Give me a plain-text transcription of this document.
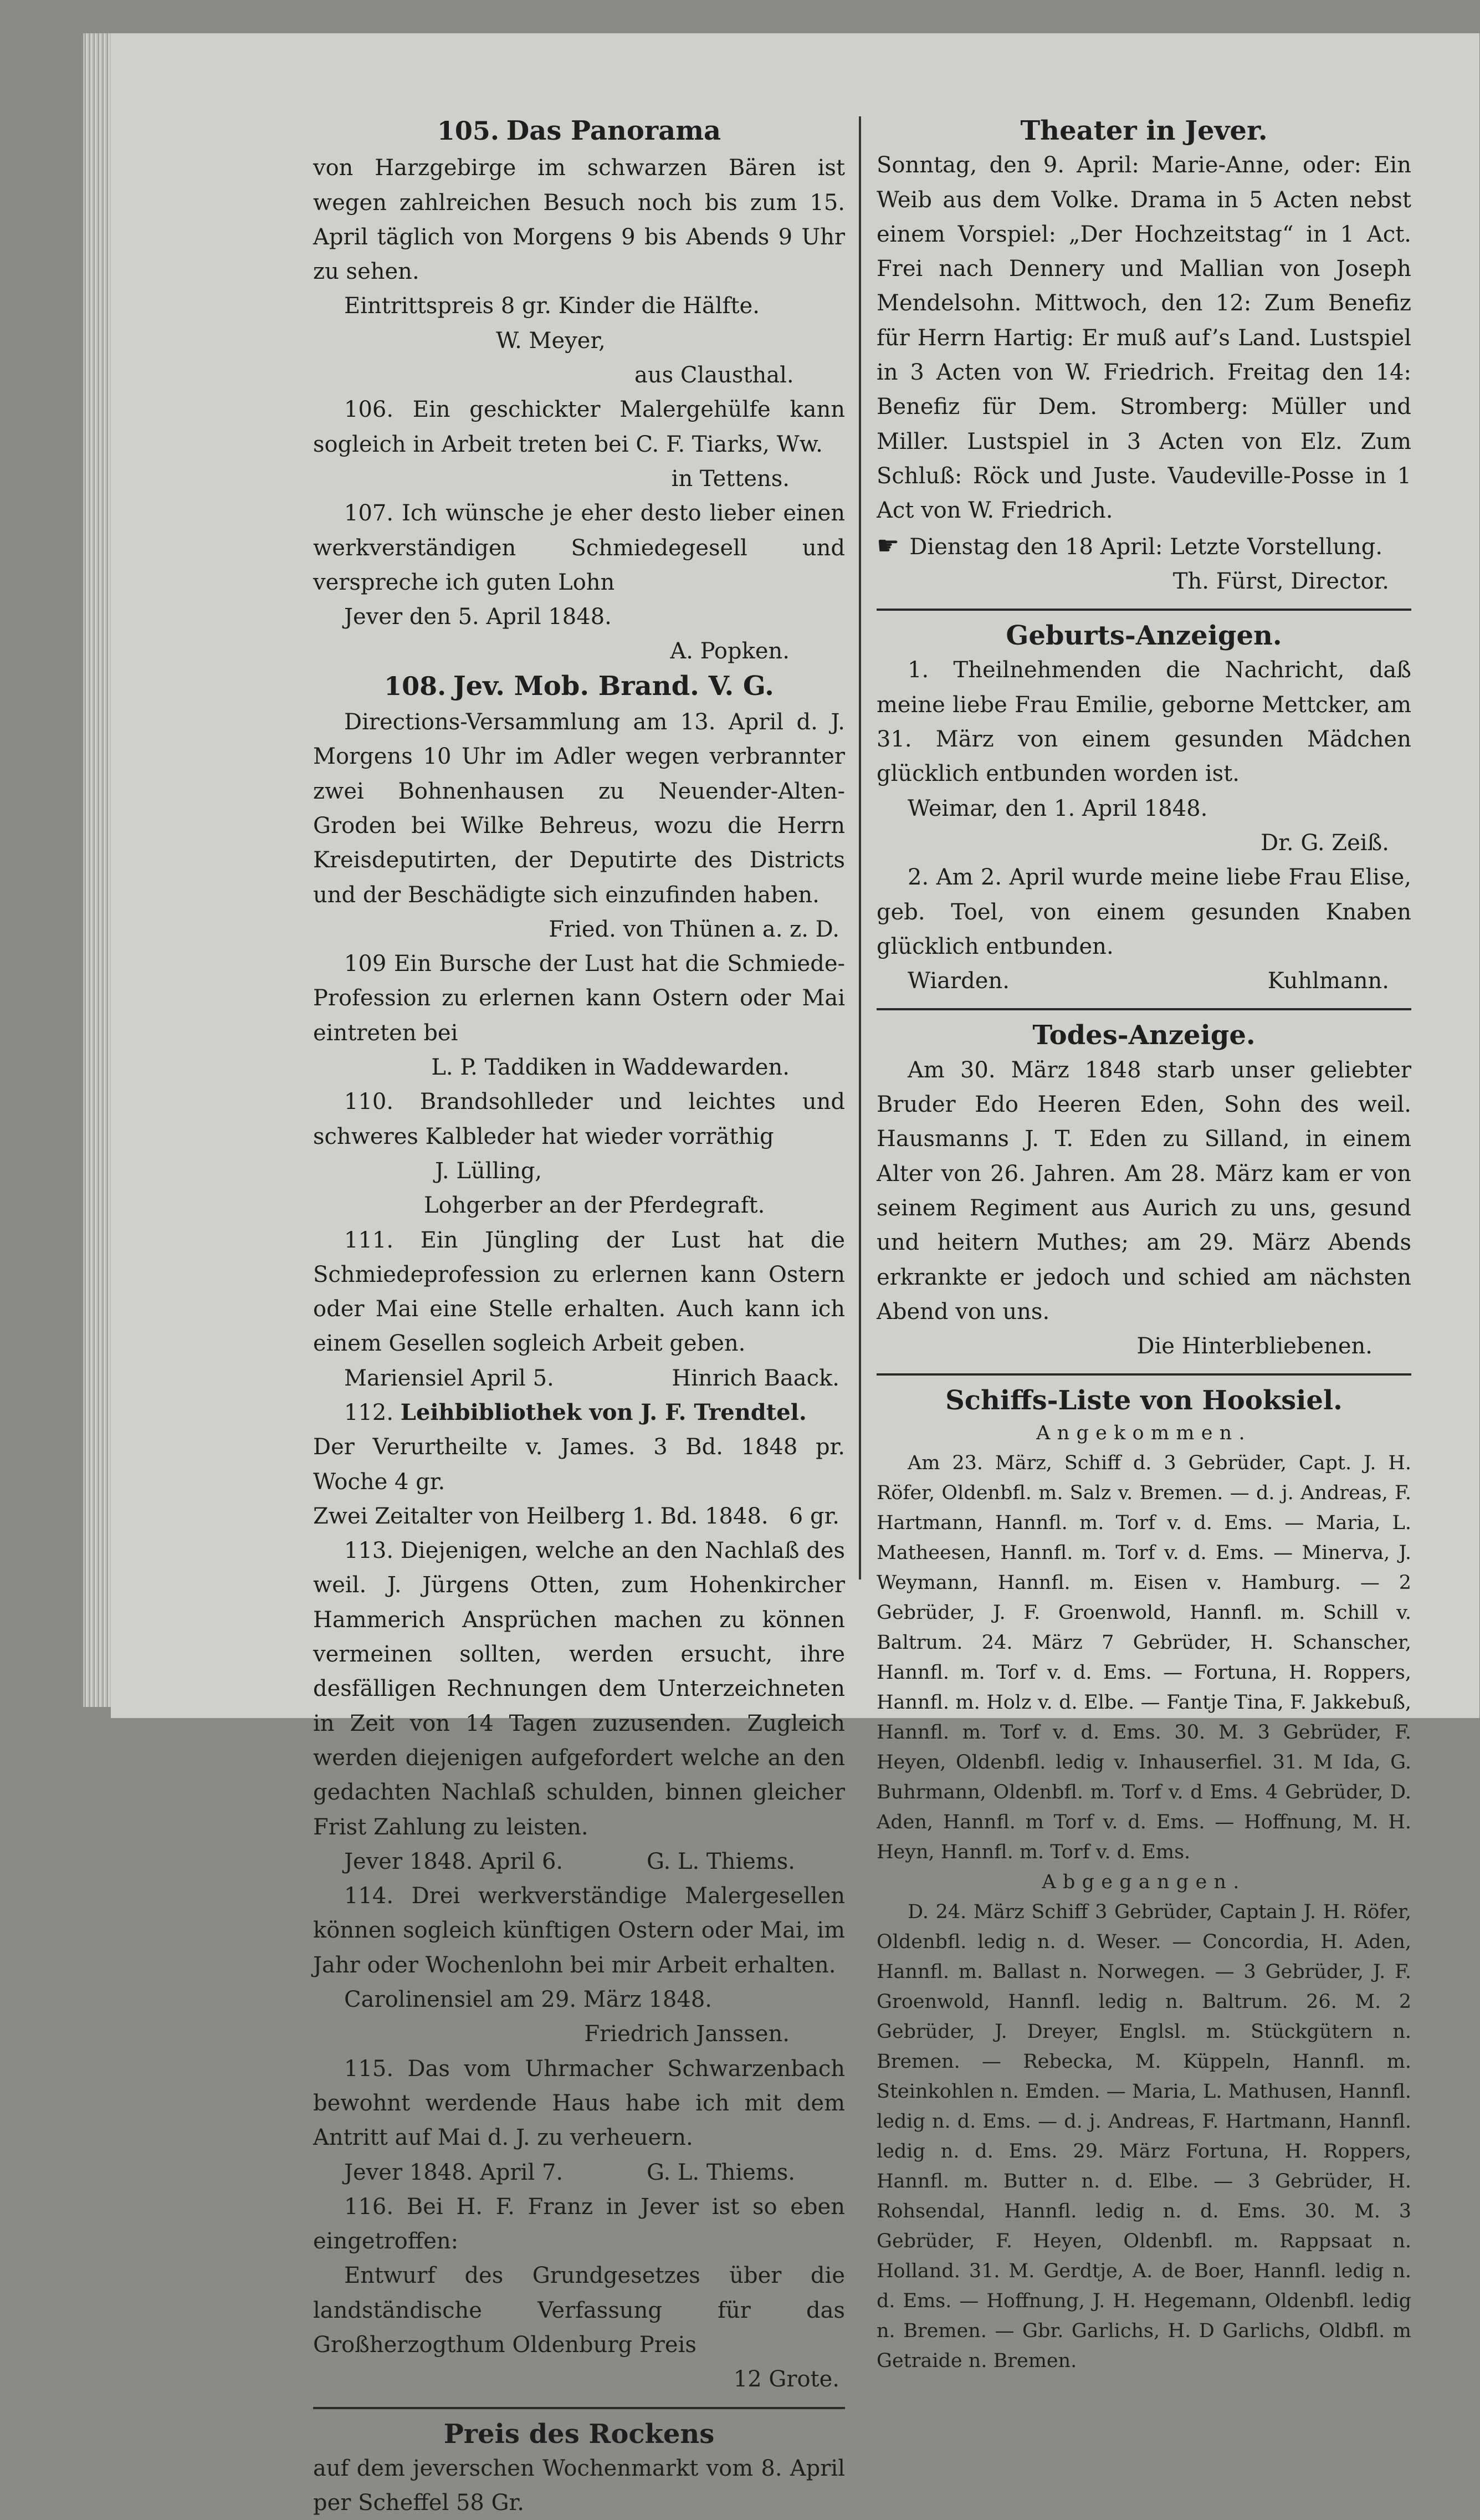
105. Das Panorama

von Harzgebirge im schwarzen Bären ist wegen zahlreichen Besuch noch bis zum 15. April täglich von Morgens 9 bis Abends 9 Uhr zu sehen.

Eintrittspreis 8 gr. Kinder die Hälfte.

W. Meyer,

aus Clausthal.

106. Ein geschickter Malergehülfe kann sogleich in Arbeit treten bei C. F. Tiarks, Ww.

in Tettens.

107. Ich wünsche je eher desto lieber einen werkverständigen Schmiedegesell und verspreche ich guten Lohn

Jever den 5. April 1848.

A. Popken.

108. Jev. Mob. Brand. V. G.

Directions-Versammlung am 13. April d. J. Morgens 10 Uhr im Adler wegen verbrannter zwei Bohnenhausen zu Neuender-Alten-Groden bei Wilke Behreus, wozu die Herrn Kreisdeputirten, der Deputirte des Districts und der Beschädigte sich einzufinden haben.

Fried. von Thünen a. z. D.

109 Ein Bursche der Lust hat die Schmiede-Profession zu erlernen kann Ostern oder Mai eintreten bei

L. P. Taddiken in Waddewarden.

110. Brandsohlleder und leichtes und schweres Kalbleder hat wieder vorräthig

J. Lülling,

Lohgerber an der Pferdegraft.

111. Ein Jüngling der Lust hat die Schmiedeprofession zu erlernen kann Ostern oder Mai eine Stelle erhalten. Auch kann ich einem Gesellen sogleich Arbeit geben.

Mariensiel April 5.	Hinrich Baack.

112. Leihbibliothek von J. F. Trendtel.

Der Verurtheilte v. James. 3 Bd. 1848 pr. Woche 4 gr.

Zwei Zeitalter von Heilberg 1. Bd. 1848. 6 gr.

113. Diejenigen, welche an den Nachlaß des weil. J. Jürgens Otten, zum Hohenkircher Hammerich Ansprüchen machen zu können vermeinen sollten, werden ersucht, ihre desfälligen Rechnungen dem Unterzeichneten in Zeit von 14 Tagen zuzusenden. Zugleich werden diejenigen aufgefordert welche an den gedachten Nachlaß schulden, binnen gleicher Frist Zahlung zu leisten.

Jever 1848. April 6.	G. L. Thiems.

114. Drei werkverständige Malergesellen können sogleich künftigen Ostern oder Mai, im Jahr oder Wochenlohn bei mir Arbeit erhalten.

Carolinensiel am 29. März 1848.

Friedrich Janssen.

115. Das vom Uhrmacher Schwarzenbach bewohnt werdende Haus habe ich mit dem Antritt auf Mai d. J. zu verheuern.

Jever 1848. April 7.	G. L. Thiems.

116. Bei H. F. Franz in Jever ist so eben eingetroffen:

Entwurf des Grundgesetzes über die landständische Verfassung für das Großherzogthum Oldenburg Preis

12 Grote.

Preis des Rockens

auf dem jeverschen Wochenmarkt vom 8. April per Scheffel 58 Gr.

Theater in Jever.

Sonntag, den 9. April: Marie-Anne, oder: Ein Weib aus dem Volke. Drama in 5 Acten nebst einem Vorspiel: „Der Hochzeitstag“ in 1 Act. Frei nach Dennery und Mallian von Joseph Mendelsohn. Mittwoch, den 12: Zum Benefiz für Herrn Hartig: Er muß auf’s Land. Lustspiel in 3 Acten von W. Friedrich. Freitag den 14: Benefiz für Dem. Stromberg: Müller und Miller. Lustspiel in 3 Acten von Elz. Zum Schluß: Röck und Juste. Vaudeville-Posse in 1 Act von W. Friedrich.

☛ Dienstag den 18 April: Letzte Vorstellung.

Th. Fürst, Director.

Geburts-Anzeigen.

1. Theilnehmenden die Nachricht, daß meine liebe Frau Emilie, geborne Mettcker, am 31. März von einem gesunden Mädchen glücklich entbunden worden ist.

Weimar, den 1. April 1848.

Dr. G. Zeiß.

2. Am 2. April wurde meine liebe Frau Elise, geb. Toel, von einem gesunden Knaben glücklich entbunden.

Wiarden.	Kuhlmann.

Todes-Anzeige.

Am 30. März 1848 starb unser geliebter Bruder Edo Heeren Eden, Sohn des weil. Hausmanns J. T. Eden zu Silland, in einem Alter von 26. Jahren. Am 28. März kam er von seinem Regiment aus Aurich zu uns, gesund und heitern Muthes; am 29. März Abends erkrankte er jedoch und schied am nächsten Abend von uns.

Die Hinterbliebenen.

Schiffs-Liste von Hooksiel.

Angekommen.

Am 23. März, Schiff d. 3 Gebrüder, Capt. J. H. Röfer, Oldenbfl. m. Salz v. Bremen. — d. j. Andreas, F. Hartmann, Hannfl. m. Torf v. d. Ems. — Maria, L. Matheesen, Hannfl. m. Torf v. d. Ems. — Minerva, J. Weymann, Hannfl. m. Eisen v. Hamburg. — 2 Gebrüder, J. F. Groenwold, Hannfl. m. Schill v. Baltrum. 24. März 7 Gebrüder, H. Schanscher, Hannfl. m. Torf v. d. Ems. — Fortuna, H. Roppers, Hannfl. m. Holz v. d. Elbe. — Fantje Tina, F. Jakkebuß, Hannfl. m. Torf v. d. Ems. 30. M. 3 Gebrüder, F. Heyen, Oldenbfl. ledig v. Inhauserfiel. 31. M Ida, G. Buhrmann, Oldenbfl. m. Torf v. d Ems. 4 Gebrüder, D. Aden, Hannfl. m Torf v. d. Ems. — Hoffnung, M. H. Heyn, Hannfl. m. Torf v. d. Ems.

Abgegangen.

D. 24. März Schiff 3 Gebrüder, Captain J. H. Röfer, Oldenbfl. ledig n. d. Weser. — Concordia, H. Aden, Hannfl. m. Ballast n. Norwegen. — 3 Gebrüder, J. F. Groenwold, Hannfl. ledig n. Baltrum. 26. M. 2 Gebrüder, J. Dreyer, Englsl. m. Stückgütern n. Bremen. — Rebecka, M. Küppeln, Hannfl. m. Steinkohlen n. Emden. — Maria, L. Mathusen, Hannfl. ledig n. d. Ems. — d. j. Andreas, F. Hartmann, Hannfl. ledig n. d. Ems. 29. März Fortuna, H. Roppers, Hannfl. m. Butter n. d. Elbe. — 3 Gebrüder, H. Rohsendal, Hannfl. ledig n. d. Ems. 30. M. 3 Gebrüder, F. Heyen, Oldenbfl. m. Rappsaat n. Holland. 31. M. Gerdtje, A. de Boer, Hannfl. ledig n. d. Ems. — Hoffnung, J. H. Hegemann, Oldenbfl. ledig n. Bremen. — Gbr. Garlichs, H. D Garlichs, Oldbfl. m Getraide n. Bremen.
